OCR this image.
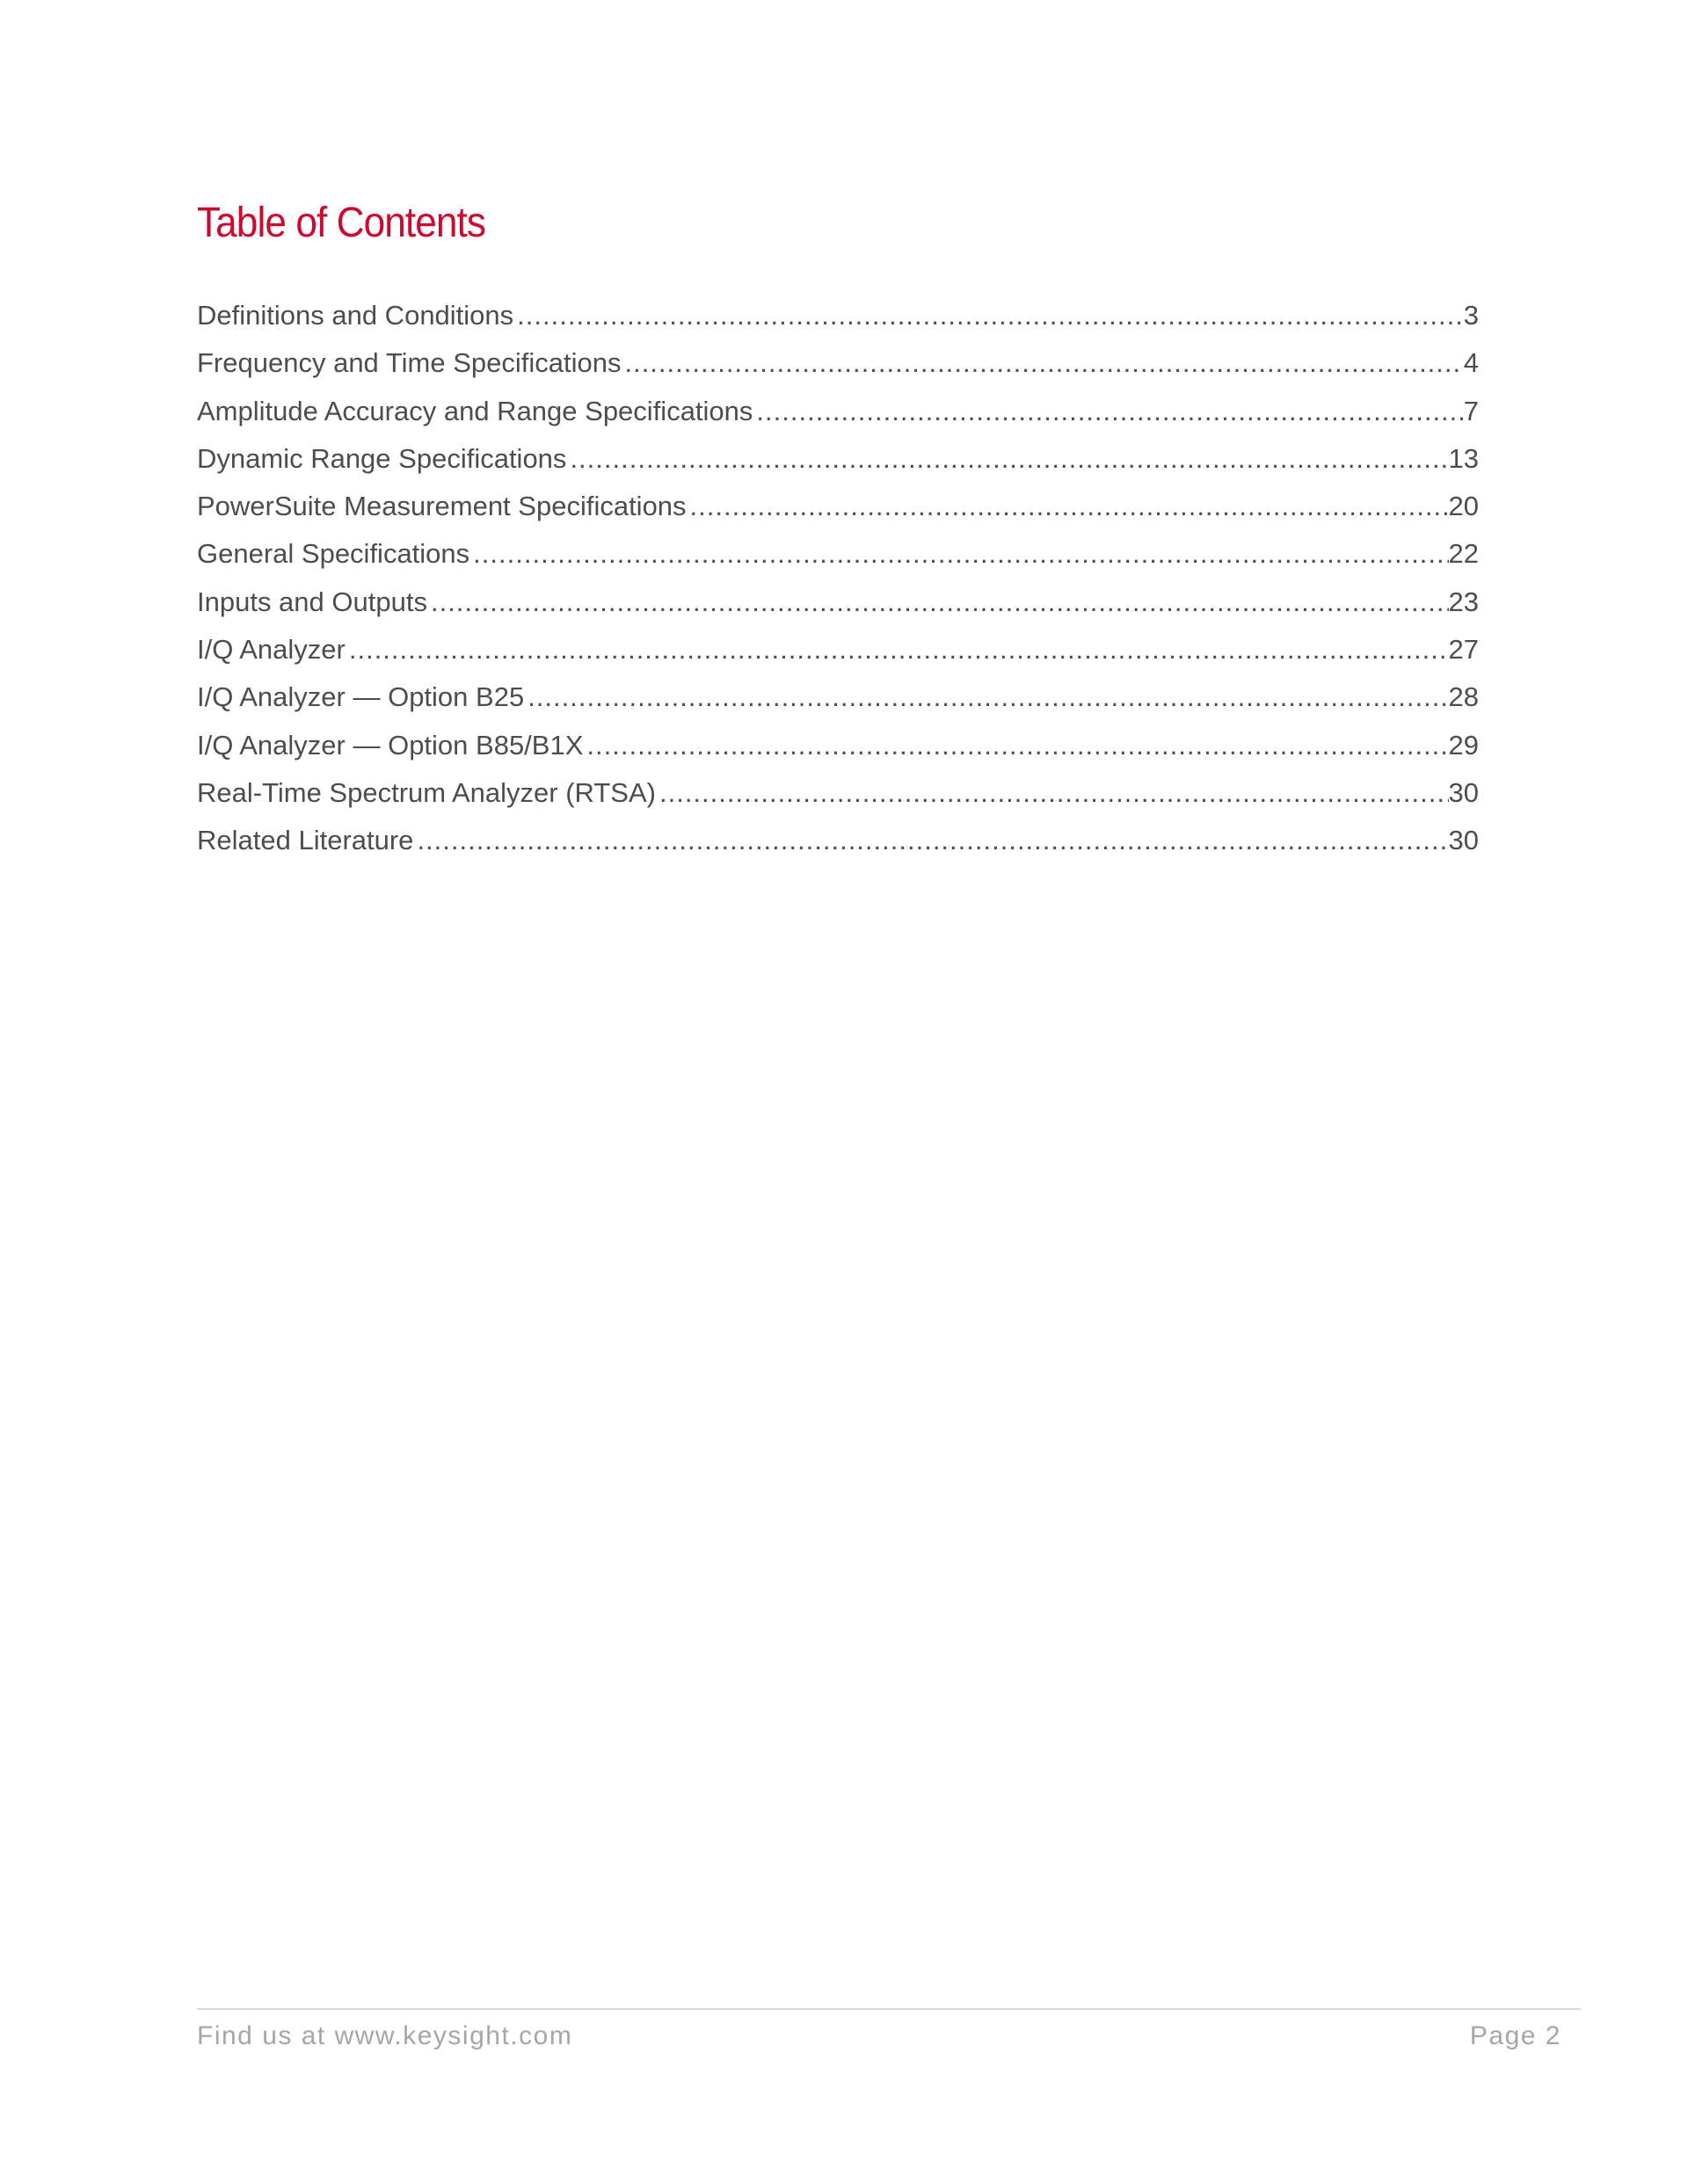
Table of Contents
Definitions and Conditions .....	3
Frequency and Time Specifications .....	4
Amplitude Accuracy and Range Specifications .....	7
Dynamic Range Specifications .....	13
PowerSuite Measurement Specifications .....	20
General Specifications .....	22
Inputs and Outputs .....	23
I/Q Analyzer .....	27
I/Q Analyzer — Option B25 .....	28
I/Q Analyzer — Option B85/B1X .....	29
Real-Time Spectrum Analyzer (RTSA) .....	30
Related Literature .....	30
Find us at www.keysight.com	Page 2
